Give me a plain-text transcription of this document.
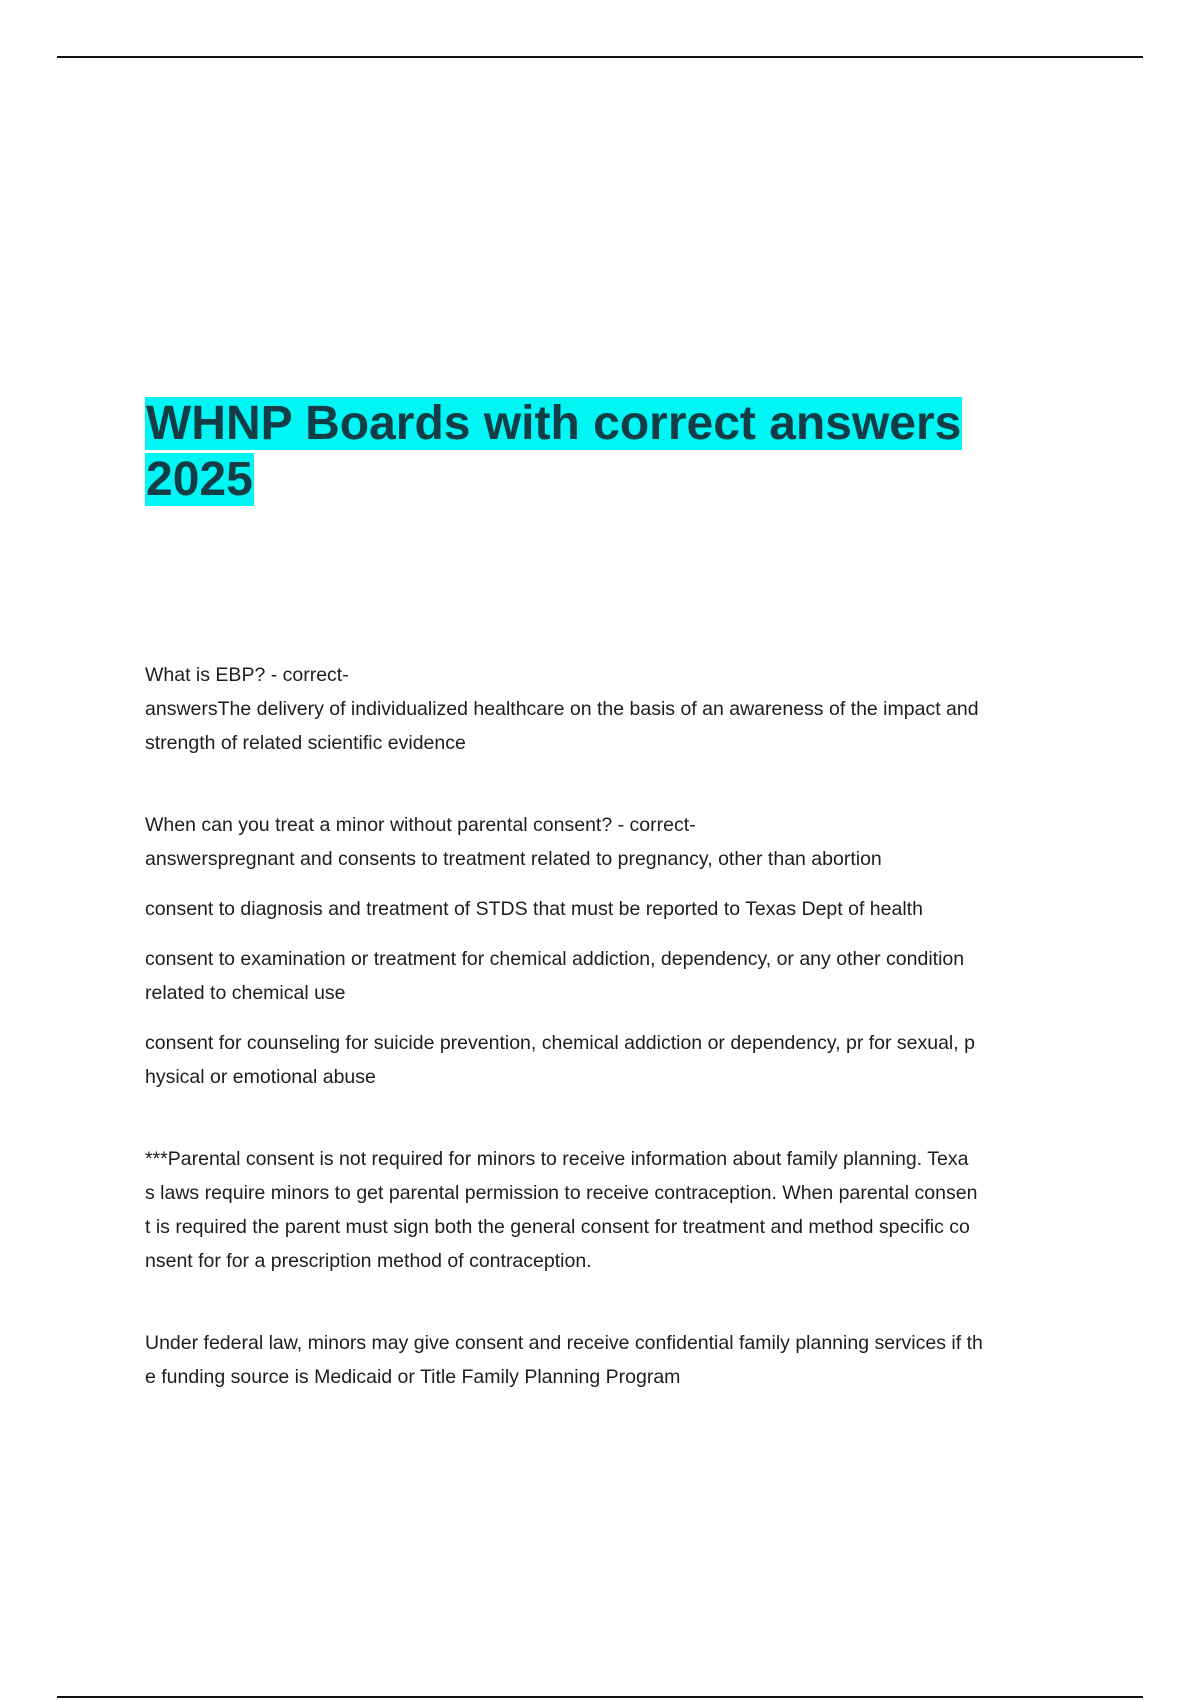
WHNP Boards with correct answers
2025

What is EBP? - correct-
answersThe delivery of individualized healthcare on the basis of an awareness of the impact and
strength of related scientific evidence

When can you treat a minor without parental consent? - correct-
answerspregnant and consents to treatment related to pregnancy, other than abortion

consent to diagnosis and treatment of STDS that must be reported to Texas Dept of health

consent to examination or treatment for chemical addiction, dependency, or any other condition
related to chemical use

consent for counseling for suicide prevention, chemical addiction or dependency, pr for sexual, p
hysical or emotional abuse

***Parental consent is not required for minors to receive information about family planning. Texa
s laws require minors to get parental permission to receive contraception. When parental consen
t is required the parent must sign both the general consent for treatment and method specific co
nsent for for a prescription method of contraception.

Under federal law, minors may give consent and receive confidential family planning services if th
e funding source is Medicaid or Title Family Planning Program
